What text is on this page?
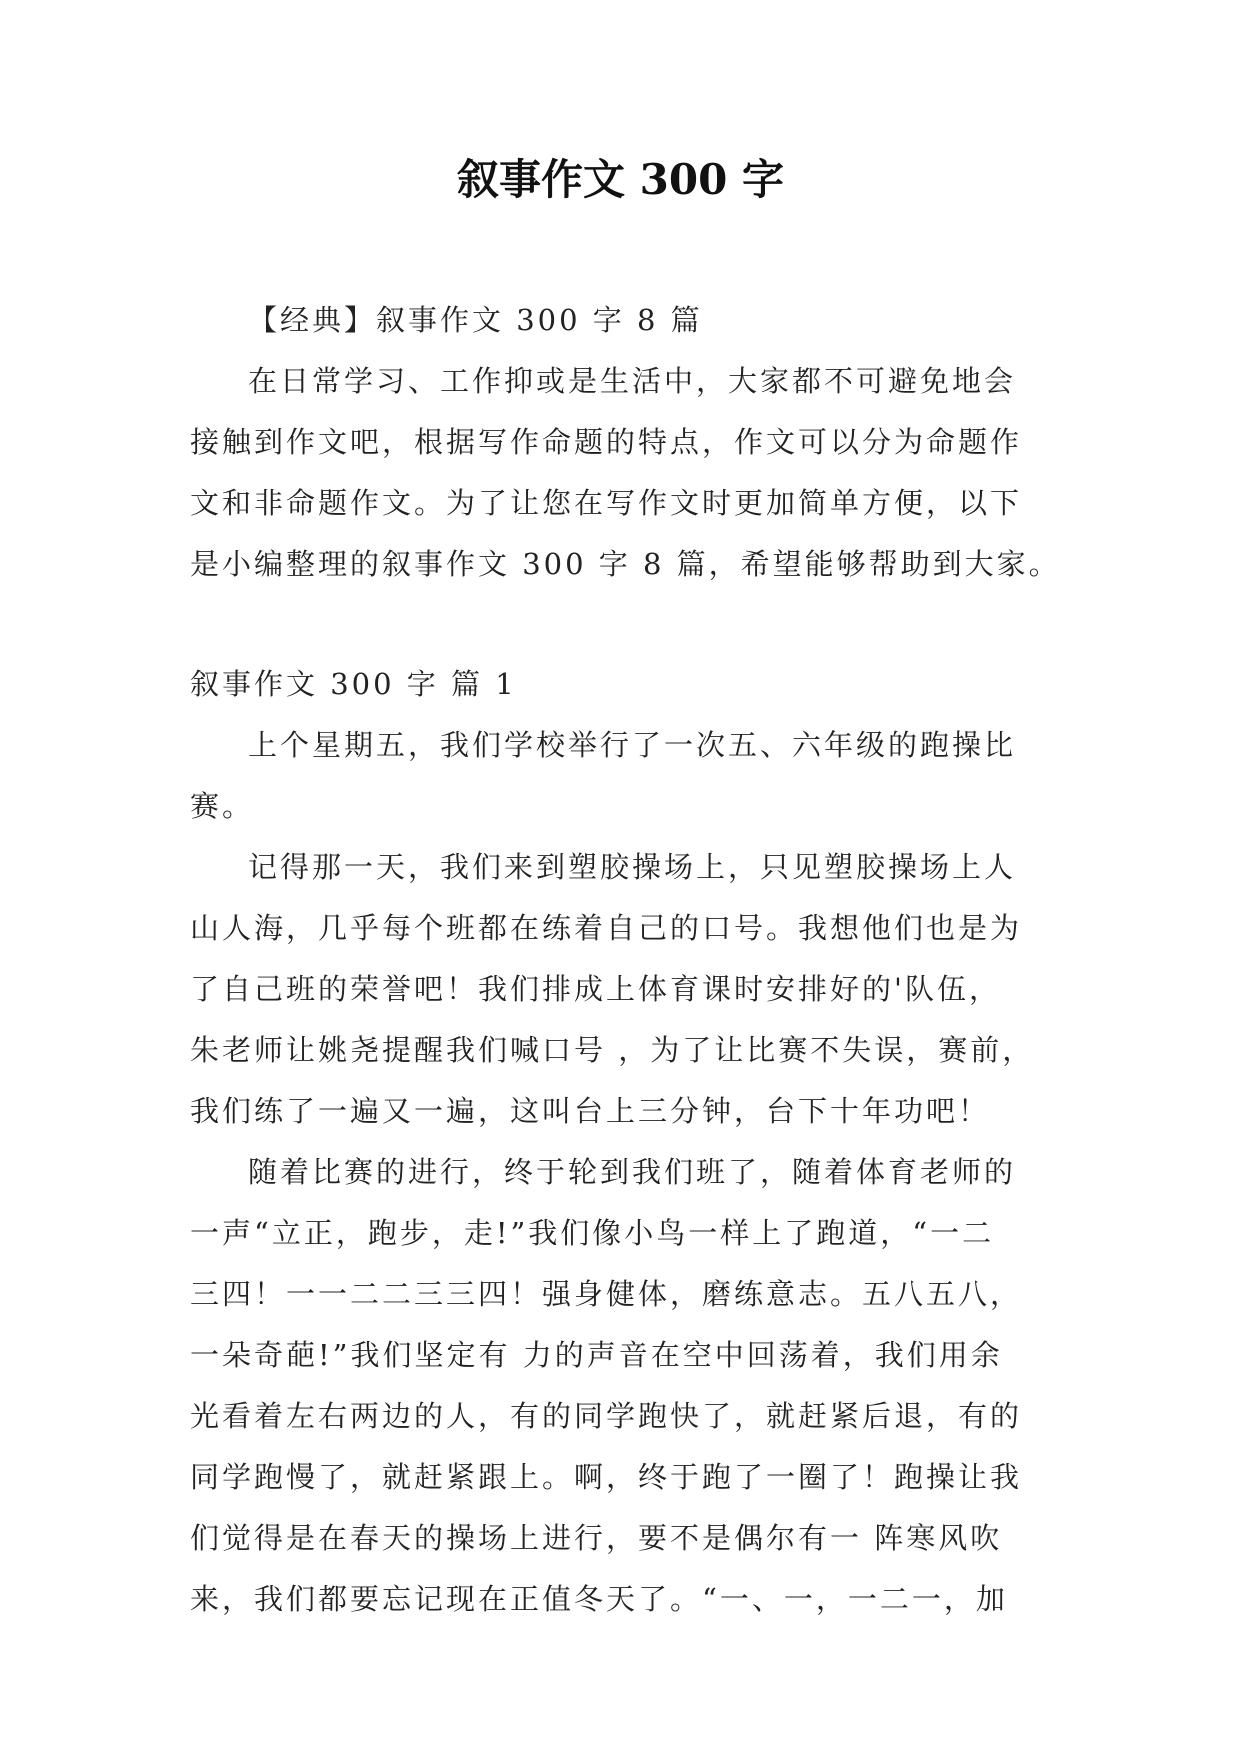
叙事作文 300 字

【经典】叙事作文 300 字 8 篇

在日常学习、工作抑或是生活中，大家都不可避免地会
接触到作文吧，根据写作命题的特点，作文可以分为命题作
文和非命题作文。为了让您在写作文时更加简单方便，以下
是小编整理的叙事作文 300 字 8 篇，希望能够帮助到大家。

叙事作文 300 字 篇 1

上个星期五，我们学校举行了一次五、六年级的跑操比
赛。

记得那一天，我们来到塑胶操场上，只见塑胶操场上人
山人海，几乎每个班都在练着自己的口号。我想他们也是为
了自己班的荣誉吧！我们排成上体育课时安排好的'队伍，
朱老师让姚尧提醒我们喊口号 ，为了让比赛不失误，赛前，
我们练了一遍又一遍，这叫台上三分钟，台下十年功吧！

随着比赛的进行，终于轮到我们班了，随着体育老师的
一声“立正，跑步，走!”我们像小鸟一样上了跑道，“一二
三四！一一二二三三四！强身健体，磨练意志。五八五八，
一朵奇葩!”我们坚定有 力的声音在空中回荡着，我们用余
光看着左右两边的人，有的同学跑快了，就赶紧后退，有的
同学跑慢了，就赶紧跟上。啊，终于跑了一圈了！跑操让我
们觉得是在春天的操场上进行，要不是偶尔有一 阵寒风吹
来，我们都要忘记现在正值冬天了。“一、一，一二一，加
